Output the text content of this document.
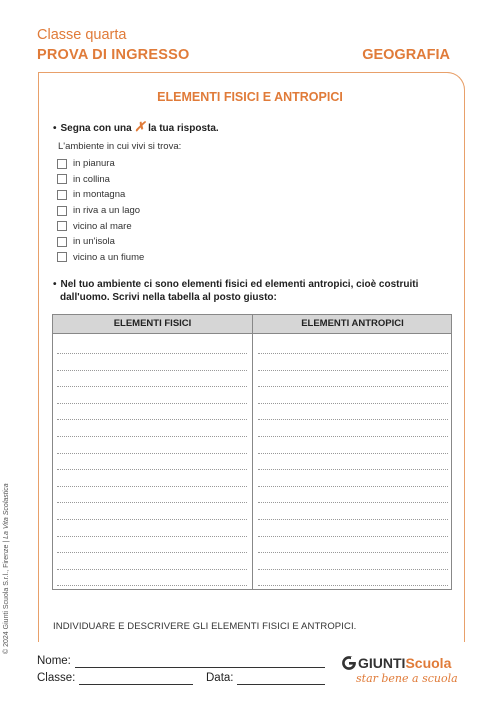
Classe quarta
PROVA DI INGRESSO	GEOGRAFIA
ELEMENTI FISICI E ANTROPICI
• Segna con una ✗ la tua risposta.
L'ambiente in cui vivi si trova:
in pianura
in collina
in montagna
in riva a un lago
vicino al mare
in un'isola
vicino a un fiume
• Nel tuo ambiente ci sono elementi fisici ed elementi antropici, cioè costruiti
dall'uomo. Scrivi nella tabella al posto giusto:
ELEMENTI FISICI	ELEMENTI ANTROPICI
INDIVIDUARE E DESCRIVERE GLI ELEMENTI FISICI E ANTROPICI.
© 2024 Giunti Scuola S.r.l., Firenze | La Vita Scolastica
Nome:
Classe:	Data:
GIUNTI Scuola
star bene a scuola
